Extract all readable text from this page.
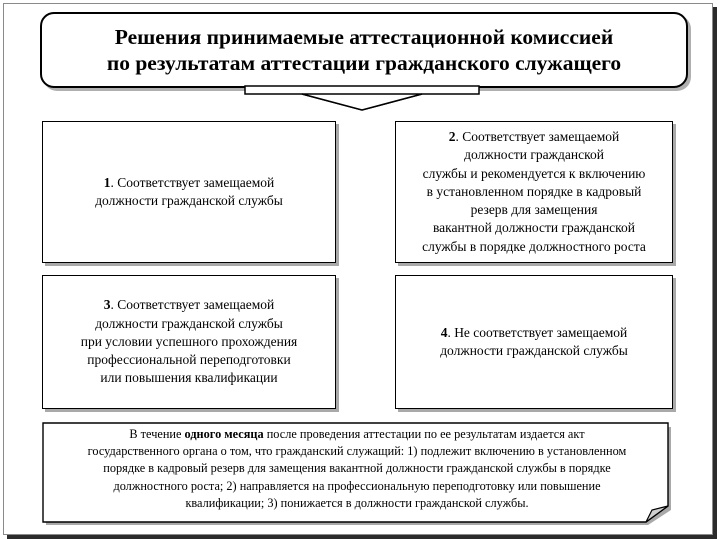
Решения принимаемые аттестационной комиссией
по результатам аттестации гражданского служащего
1. Соответствует замещаемой
должности гражданской службы
2. Соответствует замещаемой
должности гражданской
службы и рекомендуется к включению
в установленном порядке в кадровый
резерв для замещения
вакантной должности гражданской
службы в порядке должностного роста
3. Соответствует замещаемой
должности гражданской службы
при условии успешного прохождения
профессиональной переподготовки
или повышения квалификации
4. Не соответствует замещаемой
должности гражданской службы
В течение одного месяца после проведения аттестации по ее результатам издается акт
государственного органа о том, что гражданский служащий: 1) подлежит включению в установленном
порядке в кадровый резерв для замещения вакантной должности гражданской службы в порядке
должностного роста; 2) направляется на профессиональную переподготовку или повышение
квалификации; 3) понижается в должности гражданской службы.
